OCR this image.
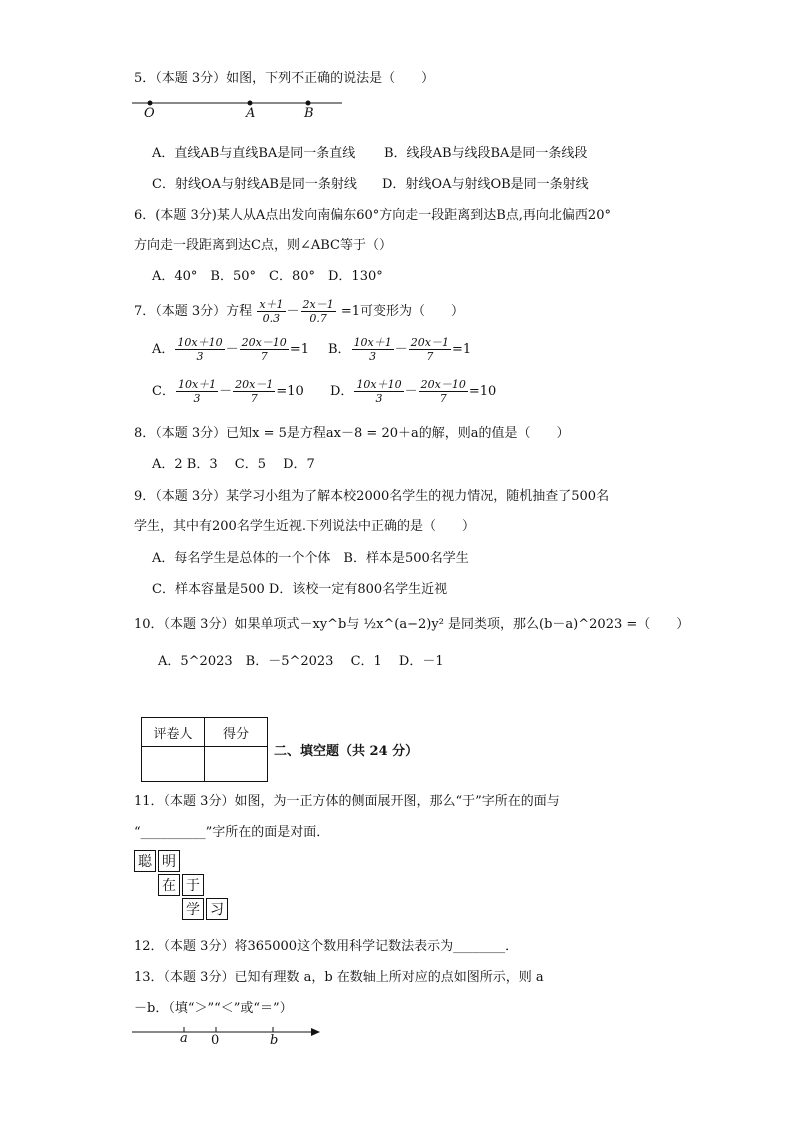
5．（本题 3分）如图，下列不正确的说法是（　　）
O	A	B
A．直线AB与直线BA是同一条直线 B．线段AB与线段BA是同一条线段
C．射线OA与射线AB是同一条射线 D．射线OA与射线OB是同一条射线
6．(本题 3分)某人从A点出发向南偏东60°方向走一段距离到达B点,再向北偏西20°
方向走一段距离到达C点，则∠ABC等于（）
A．40°　B．50°　C．80°　D．130°
7．（本题 3分）方程 $\frac{x+1}{0.3} - \frac{2x-1}{0.7} =1$可变形为（　　）
A． $\frac{10x+10}{3} - \frac{20x-10}{7} =1$ B． $\frac{10x+1}{3} - \frac{20x-1}{7} =1$
C． $\frac{10x+1}{3} - \frac{20x-1}{7} =10$ D． $\frac{10x+10}{3} - \frac{20x-10}{7} =10$
8．（本题 3分）已知x = 5是方程ax－8 = 20＋a的解，则a的值是（　　）
A．2 B．3　 C．5　 D．7
9．（本题 3分）某学习小组为了解本校2000名学生的视力情况，随机抽查了500名
学生，其中有200名学生近视.下列说法中正确的是（　　）
A．每名学生是总体的一个个体　B．样本是500名学生
C．样本容量是500 D．该校一定有800名学生近视
10．（本题 3分）如果单项式－xy^b与 ½x^(a−2)y² 是同类项，那么(b－a)^2023 =（　　）
A．5^2023　B．－5^2023　 C．1　 D．－1
评卷人	得分

二、填空题（共 24 分）
11．（本题 3分）如图，为一正方体的侧面展开图，那么“于”字所在的面与
“__________”字所在的面是对面．
聪 明
在 于
学 习
12．（本题 3分）将365000这个数用科学记数法表示为________．
13．（本题 3分）已知有理数 a，b 在数轴上所对应的点如图所示，则 a
－b．（填“＞”“＜”或“＝”）
a 0	b
